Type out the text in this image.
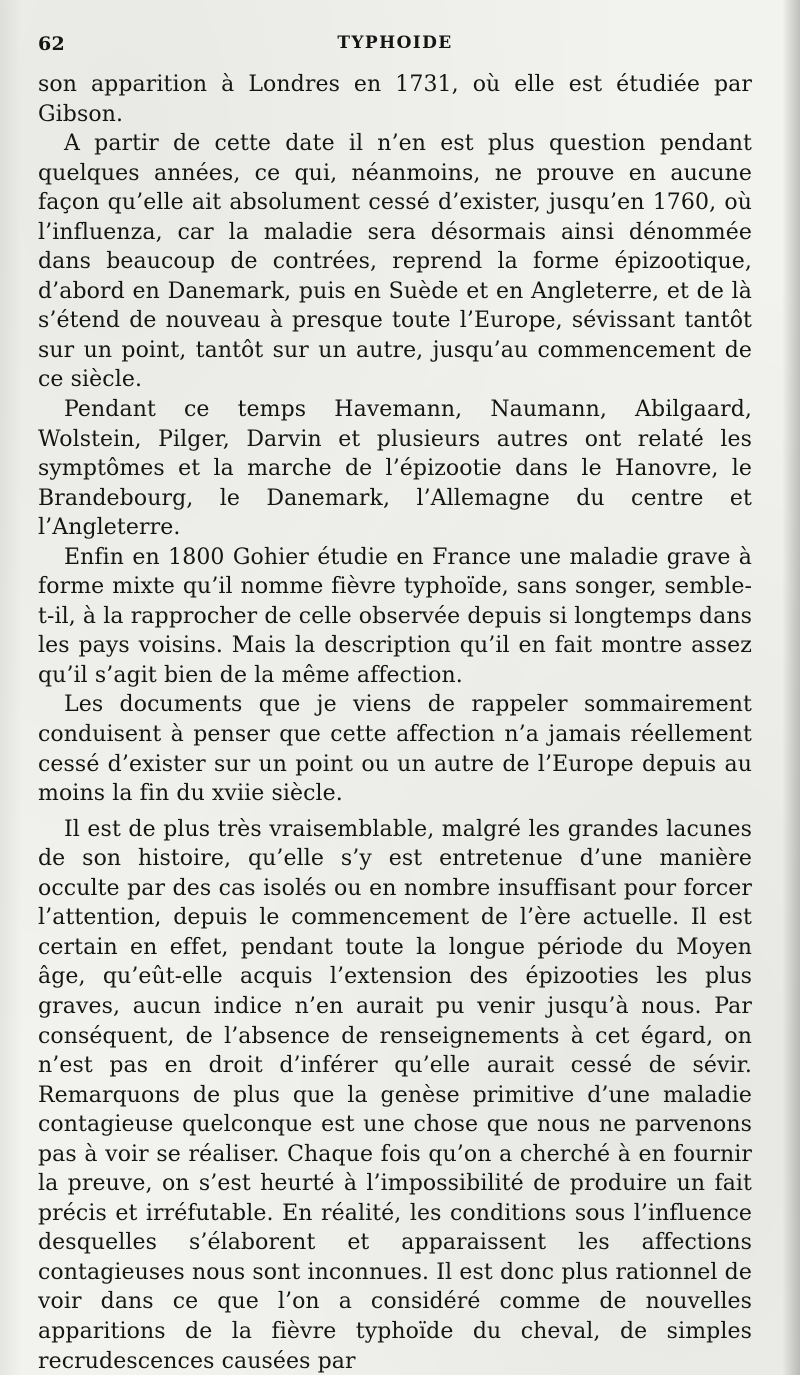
62	TYPHOIDE

son apparition à Londres en 1731, où elle est étudiée par Gibson.

A partir de cette date il n’en est plus question pendant quelques années, ce qui, néanmoins, ne prouve en aucune façon qu’elle ait absolument cessé d’exister, jusqu’en 1760, où l’influenza, car la maladie sera désormais ainsi dénommée dans beaucoup de contrées, reprend la forme épizootique, d’abord en Danemark, puis en Suède et en Angleterre, et de là s’étend de nouveau à presque toute l’Europe, sévissant tantôt sur un point, tantôt sur un autre, jusqu’au commencement de ce siècle.

Pendant ce temps Havemann, Naumann, Abilgaard, Wolstein, Pilger, Darvin et plusieurs autres ont relaté les symptômes et la marche de l’épizootie dans le Hanovre, le Brandebourg, le Danemark, l’Allemagne du centre et l’Angleterre.

Enfin en 1800 Gohier étudie en France une maladie grave à forme mixte qu’il nomme fièvre typhoïde, sans songer, semble-t-il, à la rapprocher de celle observée depuis si longtemps dans les pays voisins. Mais la description qu’il en fait montre assez qu’il s’agit bien de la même affection.

Les documents que je viens de rappeler sommairement conduisent à penser que cette affection n’a jamais réellement cessé d’exister sur un point ou un autre de l’Europe depuis au moins la fin du xviie siècle.

Il est de plus très vraisemblable, malgré les grandes lacunes de son histoire, qu’elle s’y est entretenue d’une manière occulte par des cas isolés ou en nombre insuffisant pour forcer l’attention, depuis le commencement de l’ère actuelle. Il est certain en effet, pendant toute la longue période du Moyen âge, qu’eût-elle acquis l’extension des épizooties les plus graves, aucun indice n’en aurait pu venir jusqu’à nous. Par conséquent, de l’absence de renseignements à cet égard, on n’est pas en droit d’inférer qu’elle aurait cessé de sévir. Remarquons de plus que la genèse primitive d’une maladie contagieuse quelconque est une chose que nous ne parvenons pas à voir se réaliser. Chaque fois qu’on a cherché à en fournir la preuve, on s’est heurté à l’impossibilité de produire un fait précis et irréfutable. En réalité, les conditions sous l’influence desquelles s’élaborent et apparaissent les affections contagieuses nous sont inconnues. Il est donc plus rationnel de voir dans ce que l’on a considéré comme de nouvelles apparitions de la fièvre typhoïde du cheval, de simples recrudescences causées par
